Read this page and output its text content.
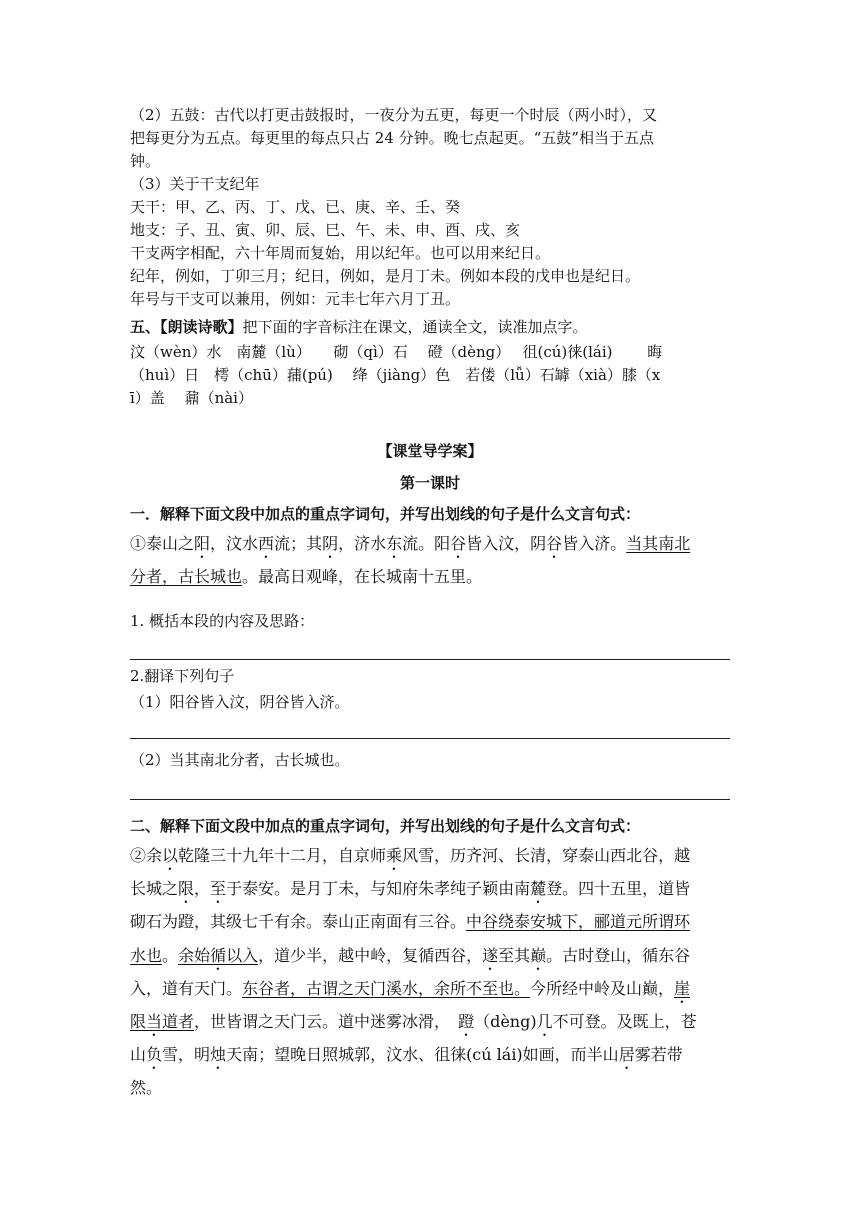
（2）五鼓：古代以打更击鼓报时，一夜分为五更，每更一个时辰（两小时），又
把每更分为五点。每更里的每点只占 24 分钟。晚七点起更。“五鼓”相当于五点
钟。
（3）关于干支纪年
天干：甲、乙、丙、丁、戊、已、庚、辛、壬、癸
地支：子、丑、寅、卯、辰、巳、午、未、申、酉、戌、亥
干支两字相配，六十年周而复始，用以纪年。也可以用来纪日。
纪年，例如，丁卯三月；纪日，例如，是月丁未。例如本段的戊申也是纪日。
年号与干支可以兼用，例如：元丰七年六月丁丑。
五、【朗读诗歌】把下面的字音标注在课文，通读全文，读准加点字。
汶（wèn）水　南麓（lù）　　砌（qì）石　 磴（dèng）　 徂(cú)徕(lái)　　 晦
（huì）日　樗（chū）蒱(pú)　 绛（jiàng）色　若偻（lǚ）石罅（xià）膝（x
ī）盖　 鼐（nài）
【课堂导学案】
第一课时
一．解释下面文段中加点的重点字词句，并写出划线的句子是什么文言句式：
①泰山之阳，汶水西流；其阴，济水东流。阳谷皆入汶，阴谷皆入济。当其南北
分者，古长城也。最高日观峰，在长城南十五里。
1. 概括本段的内容及思路：
2.翻译下列句子
（1）阳谷皆入汶，阴谷皆入济。
（2）当其南北分者，古长城也。
二、解释下面文段中加点的重点字词句，并写出划线的句子是什么文言句式：
②余以乾隆三十九年十二月，自京师乘风雪，历齐河、长清，穿泰山西北谷，越
长城之限，至于泰安。是月丁未，与知府朱孝纯子颖由南麓登。四十五里，道皆
砌石为蹬，其级七千有余。泰山正南面有三谷。中谷绕泰安城下，郦道元所谓环
水也。余始循以入，道少半，越中岭，复循西谷，遂至其巅。古时登山，循东谷
入，道有天门。东谷者，古谓之天门溪水，余所不至也。今所经中岭及山巅，崖
限当道者，世皆谓之天门云。道中迷雾冰滑，　蹬（dèng)几不可登。及既上，苍
山负雪，明烛天南；望晚日照城郭，汶水、徂徕(cú lái)如画，而半山居雾若带
然。
